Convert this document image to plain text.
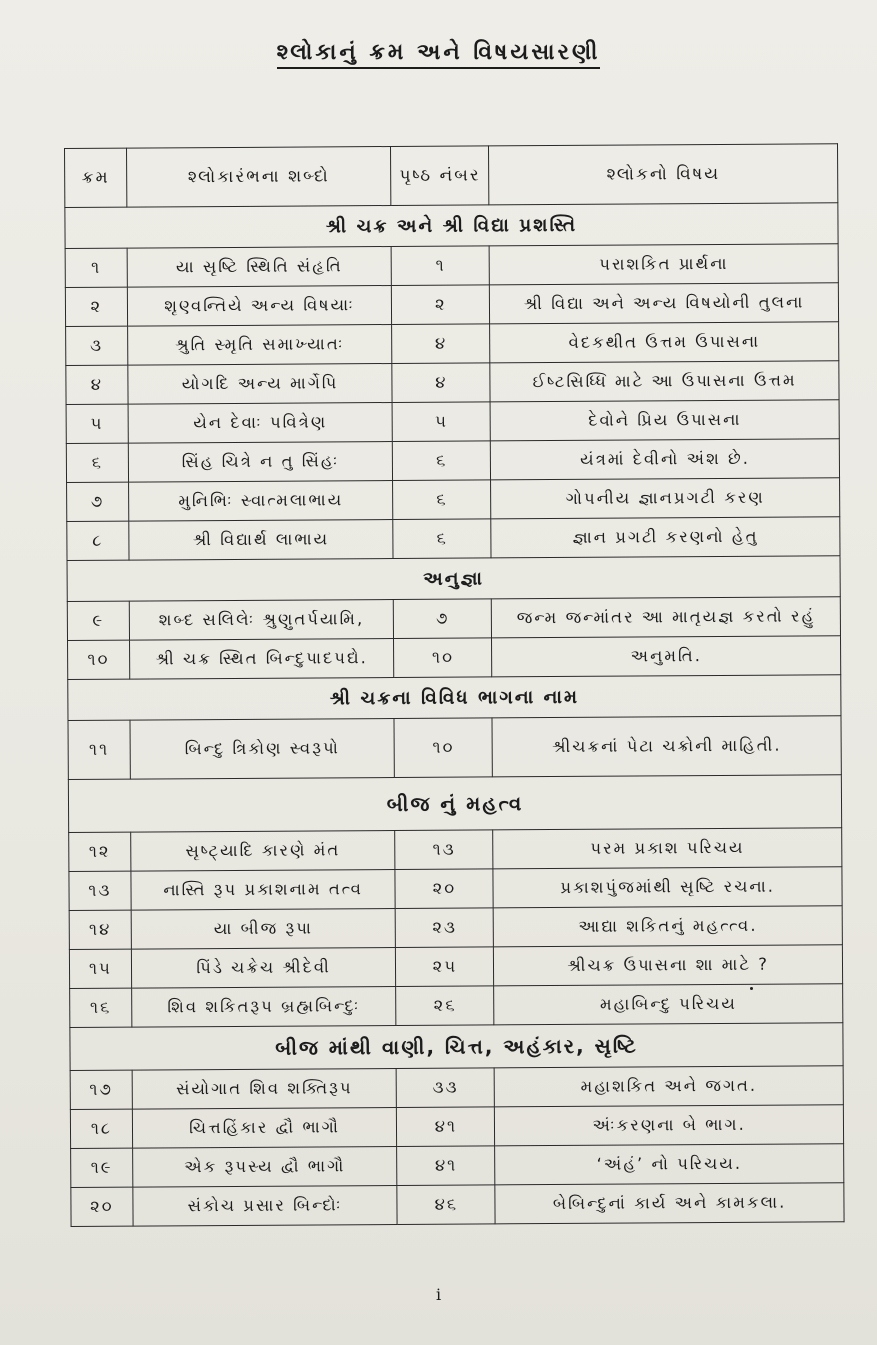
શ્લોકાનું ક્રમ અને વિષયસારણી
ક્રમ	શ્લોકારંભના શબ્દો	પૃષ્ઠ નંબર	શ્લોકનો વિષય
શ્રી ચક્ર અને શ્રી વિદ્યા પ્રશસ્તિ			
૧	યા સૃષ્ટિ સ્થિતિ સંહૃતિ	૧	પરાશકિત પ્રાર્થના
૨	શૃણ્વન્તિયે અન્ય વિષયાઃ	૨	શ્રી વિદ્યા અને અન્ય વિષયોની તુલના
૩	શ્રુતિ સ્મૃતિ સમાખ્યાતઃ	૪	વેદકથીત ઉત્તમ ઉપાસના
૪	યોગદિ અન્ય માર્ગેપિ	૪	ઈષ્ટસિધ્ધિ માટે આ ઉપાસના ઉત્તમ
૫	યેન દેવાઃ પવિત્રેણ	૫	દેવોને પ્રિય ઉપાસના
૬	સિંહ ચિત્રે ન તુ સિંહઃ	૬	યંત્રમાં દેવીનો અંશ છે.
૭	મુનિભિઃ સ્વાત્મલાભાય	૬	ગોપનીય જ્ઞાનપ્રગટી કરણ
૮	શ્રી વિદ્યાર્થ લાભાય	૬	જ્ઞાન પ્રગટી કરણનો હેતુ
અનુજ્ઞા			
૯	શબ્દ સલિલેઃ શ્રુણુતર્પયામિ,	૭	જન્મ જન્માંતર આ માતૃયજ્ઞ કરતો રહું
૧૦	શ્રી ચક્ર સ્થિત બિન્દુપાદપદ્યે.	૧૦	અનુમતિ.
શ્રી ચક્રના વિવિધ ભાગના નામ			
૧૧	બિન્દુ ત્રિકોણ સ્વરૂપો	૧૦	શ્રીચક્રનાં પેટા ચક્રોની માહિતી.
બીજ નું મહત્વ			
૧૨	સૃષ્ટ્યાદિ કારણે મંત	૧૩	પરમ પ્રકાશ પરિચય
૧૩	નાસ્તિ રૂપ પ્રકાશનામ તત્વ	૨૦	પ્રકાશપુંજમાંથી સૃષ્ટિ રચના.
૧૪	યા બીજ રૂપા	૨૩	આદ્યા શકિતનું મહત્ત્વ.
૧૫	પિંડે ચક્રેચ શ્રીદેવી	૨૫	શ્રીચક્ર ઉપાસના શા માટે ?
૧૬	શિવ શકિતરૂપ બ્રહ્મબિન્દુઃ	૨૬	મહાબિન્દુ પરિચય
બીજ માંથી વાણી, ચિત્ત, અહંકાર, સૃષ્ટિ			
૧૭	સંયોગાત શિવ શક્તિરૂપ	૩૩	મહાશકિત અને જગત.
૧૮	ચિત્તહિંકાર દ્વૌ ભાગૌ	૪૧	અંઃકરણના બે ભાગ.
૧૯	એક રૂપસ્ય દ્વૌ ભાગૌ	૪૧	‘અંહં’ નો પરિચય.
૨૦	સંકોચ પ્રસાર બિન્દોઃ	૪૬	બેબિન્દુનાં કાર્ય અને કામકલા.
i
